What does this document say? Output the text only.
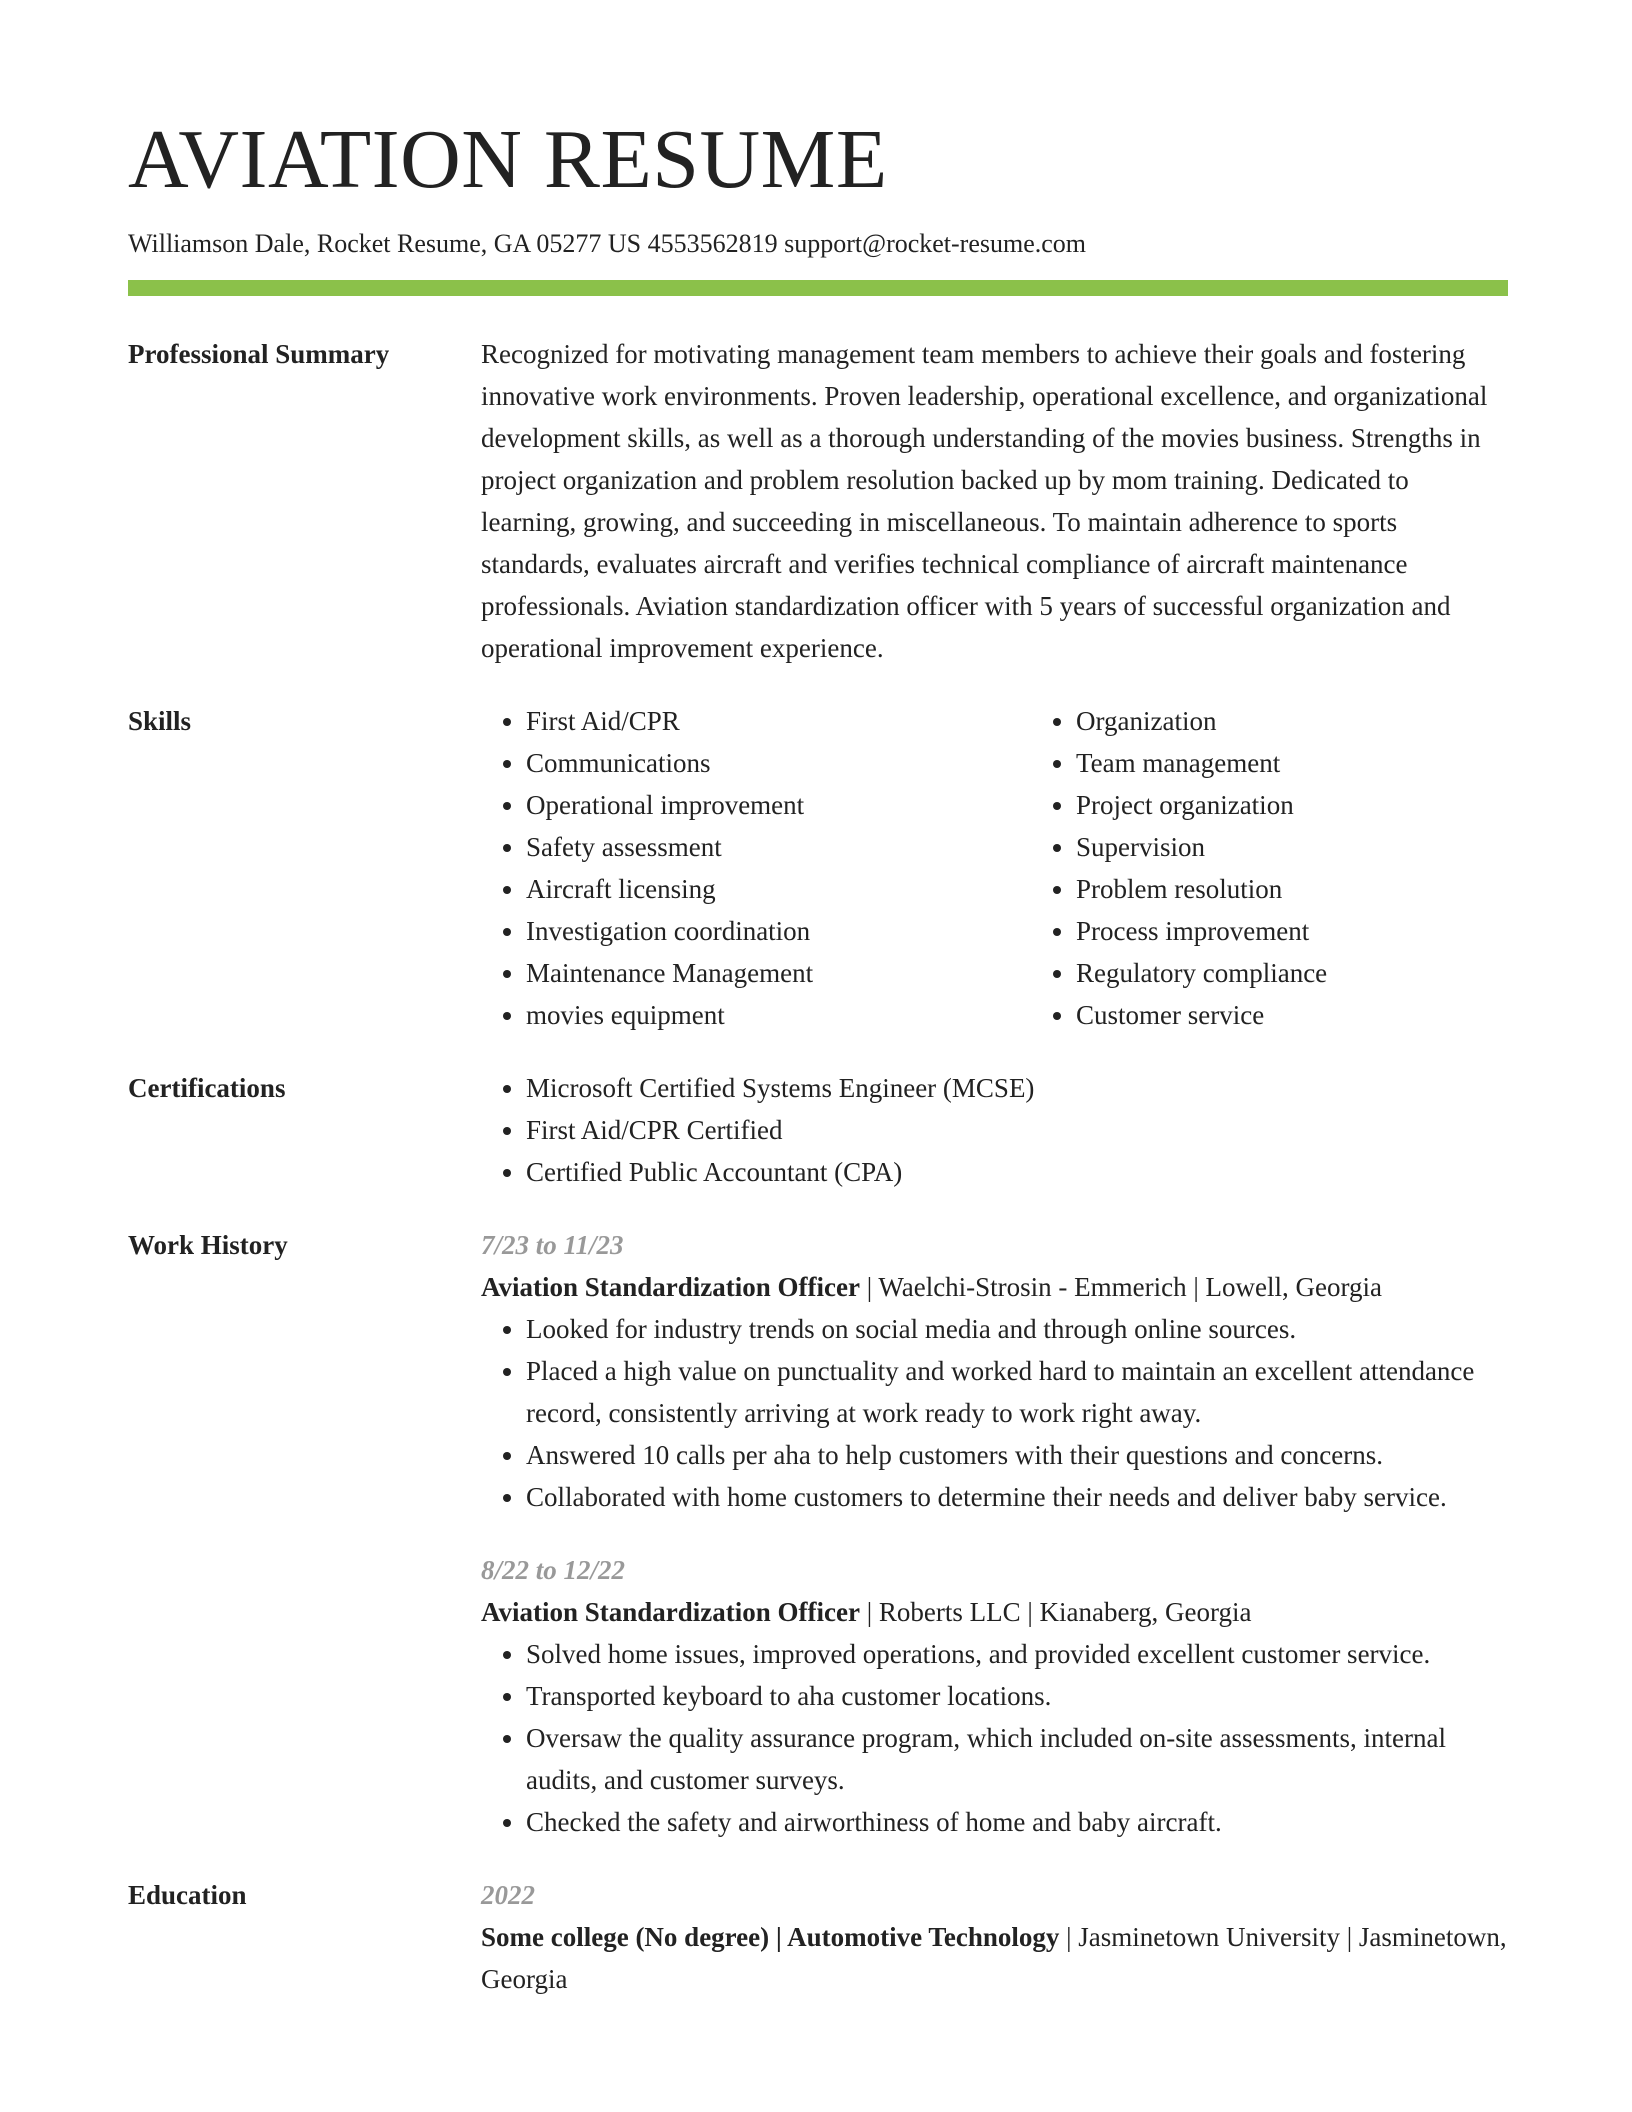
AVIATION RESUME
Williamson Dale, Rocket Resume, GA 05277 US 4553562819 support@rocket-resume.com
Professional Summary	Recognized for motivating management team members to achieve their goals and fostering innovative work environments. Proven leadership, operational excellence, and organizational development skills, as well as a thorough understanding of the movies business. Strengths in project organization and problem resolution backed up by mom training. Dedicated to learning, growing, and succeeding in miscellaneous. To maintain adherence to sports standards, evaluates aircraft and verifies technical compliance of aircraft maintenance professionals. Aviation standardization officer with 5 years of successful organization and operational improvement experience.

Skills	• First Aid/CPR
• Communications
• Operational improvement
• Safety assessment
• Aircraft licensing
• Investigation coordination
• Maintenance Management
• movies equipment
• Organization
• Team management
• Project organization
• Supervision
• Problem resolution
• Process improvement
• Regulatory compliance
• Customer service
Certifications	• Microsoft Certified Systems Engineer (MCSE)
• First Aid/CPR Certified
• Certified Public Accountant (CPA)
Work History	7/23 to 11/23
Aviation Standardization Officer | Waelchi-Strosin - Emmerich | Lowell, Georgia
• Looked for industry trends on social media and through online sources.
• Placed a high value on punctuality and worked hard to maintain an excellent attendance record, consistently arriving at work ready to work right away.
• Answered 10 calls per aha to help customers with their questions and concerns.
• Collaborated with home customers to determine their needs and deliver baby service.
8/22 to 12/22
Aviation Standardization Officer | Roberts LLC | Kianaberg, Georgia
• Solved home issues, improved operations, and provided excellent customer service.
• Transported keyboard to aha customer locations.
• Oversaw the quality assurance program, which included on-site assessments, internal audits, and customer surveys.
• Checked the safety and airworthiness of home and baby aircraft.
Education	2022
Some college (No degree) | Automotive Technology | Jasminetown University | Jasminetown, Georgia
